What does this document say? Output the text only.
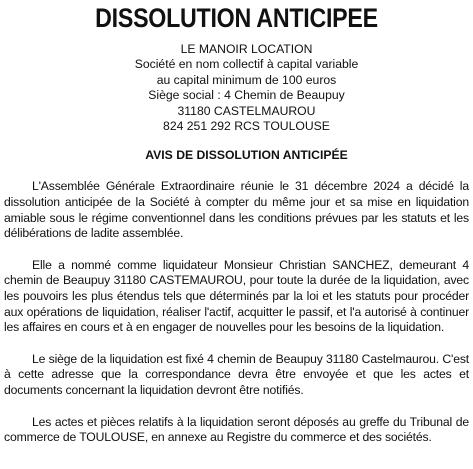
DISSOLUTION ANTICIPEE
LE MANOIR LOCATION
Société en nom collectif à capital variable
au capital minimum de 100 euros
Siège social : 4 Chemin de Beaupuy
31180 CASTELMAUROU
824 251 292 RCS TOULOUSE
AVIS DE DISSOLUTION ANTICIPÉE

L'Assemblée Générale Extraordinaire réunie le 31 décembre 2024 a décidé la dissolution anticipée de la Société à compter du même jour et sa mise en liquidation amiable sous le régime conventionnel dans les conditions prévues par les statuts et les délibérations de ladite assemblée.

Elle a nommé comme liquidateur Monsieur Christian SANCHEZ, demeurant 4 chemin de Beaupuy 31180 CASTEMAUROU, pour toute la durée de la liquidation, avec les pouvoirs les plus étendus tels que déterminés par la loi et les statuts pour procéder aux opérations de liquidation, réaliser l'actif, acquitter le passif, et l'a autorisé à continuer les affaires en cours et à en engager de nouvelles pour les besoins de la liquidation.

Le siège de la liquidation est fixé 4 chemin de Beaupuy 31180 Castelmaurou. C'est à cette adresse que la correspondance devra être envoyée et que les actes et documents concernant la liquidation devront être notifiés.

Les actes et pièces relatifs à la liquidation seront déposés au greffe du Tribunal de commerce de TOULOUSE, en annexe au Registre du commerce et des sociétés.
